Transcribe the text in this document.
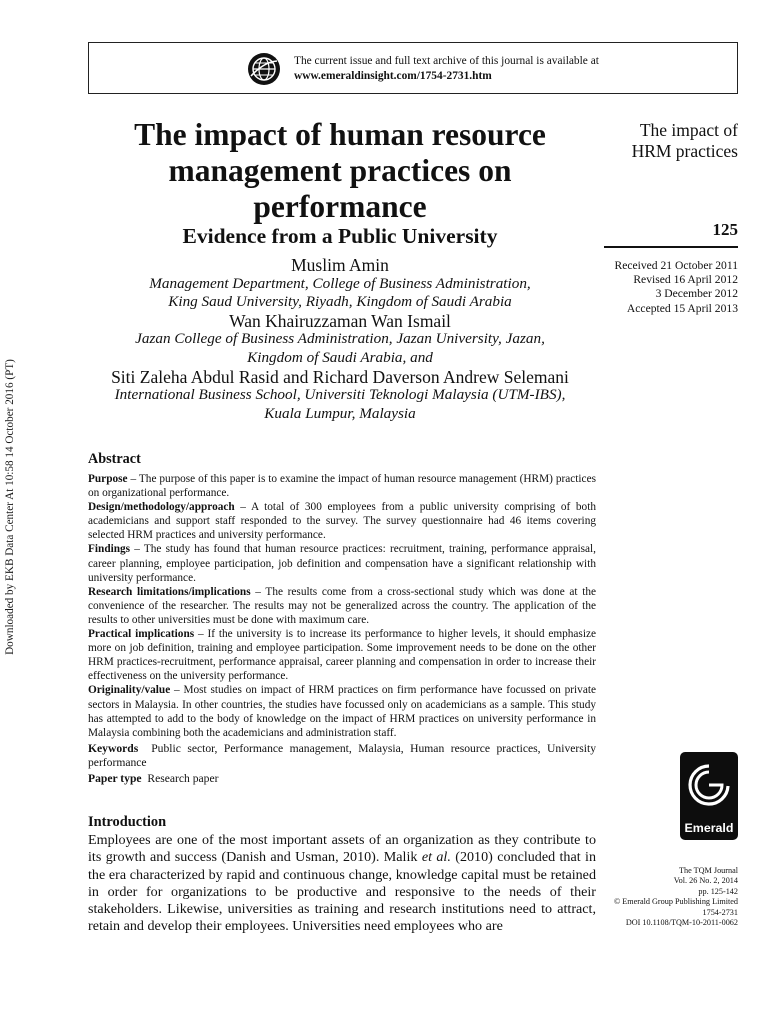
Downloaded by EKB Data Center At 10:58 14 October 2016 (PT)
The current issue and full text archive of this journal is available at
www.emeraldinsight.com/1754-2731.htm
The impact of human resource management practices on performance
Evidence from a Public University
Muslim Amin
Management Department, College of Business Administration,
King Saud University, Riyadh, Kingdom of Saudi Arabia
Wan Khairuzzaman Wan Ismail
Jazan College of Business Administration, Jazan University, Jazan,
Kingdom of Saudi Arabia, and
Siti Zaleha Abdul Rasid and Richard Daverson Andrew Selemani
International Business School, Universiti Teknologi Malaysia (UTM-IBS),
Kuala Lumpur, Malaysia
The impact of
HRM practices
125
Received 21 October 2011
Revised 16 April 2012
3 December 2012
Accepted 15 April 2013
Abstract

Purpose – The purpose of this paper is to examine the impact of human resource management (HRM) practices on organizational performance.

Design/methodology/approach – A total of 300 employees from a public university comprising of both academicians and support staff responded to the survey. The survey questionnaire had 46 items covering selected HRM practices and university performance.

Findings – The study has found that human resource practices: recruitment, training, performance appraisal, career planning, employee participation, job definition and compensation have a significant relationship with university performance.

Research limitations/implications – The results come from a cross-sectional study which was done at the convenience of the researcher. The results may not be generalized across the country. The application of the results to other universities must be done with maximum care.

Practical implications – If the university is to increase its performance to higher levels, it should emphasize more on job definition, training and employee participation. Some improvement needs to be done on the other HRM practices-recruitment, performance appraisal, career planning and compensation in order to increase their effectiveness on the university performance.

Originality/value – Most studies on impact of HRM practices on firm performance have focussed on private sectors in Malaysia. In other countries, the studies have focussed only on academicians as a sample. This study has attempted to add to the body of knowledge on the impact of HRM practices on university performance in Malaysia combining both the academicians and administration staff.

Keywords Public sector, Performance management, Malaysia, Human resource practices, University performance

Paper type Research paper

Introduction

Employees are one of the most important assets of an organization as they contribute to its growth and success (Danish and Usman, 2010). Malik et al. (2010) concluded that in the era characterized by rapid and continuous change, knowledge capital must be retained in order for organizations to be productive and responsive to the needs of their stakeholders. Likewise, universities as training and research institutions need to attract, retain and develop their employees. Universities need employees who are

Emerald
The TQM Journal
Vol. 26 No. 2, 2014
pp. 125-142
© Emerald Group Publishing Limited
1754-2731
DOI 10.1108/TQM-10-2011-0062
